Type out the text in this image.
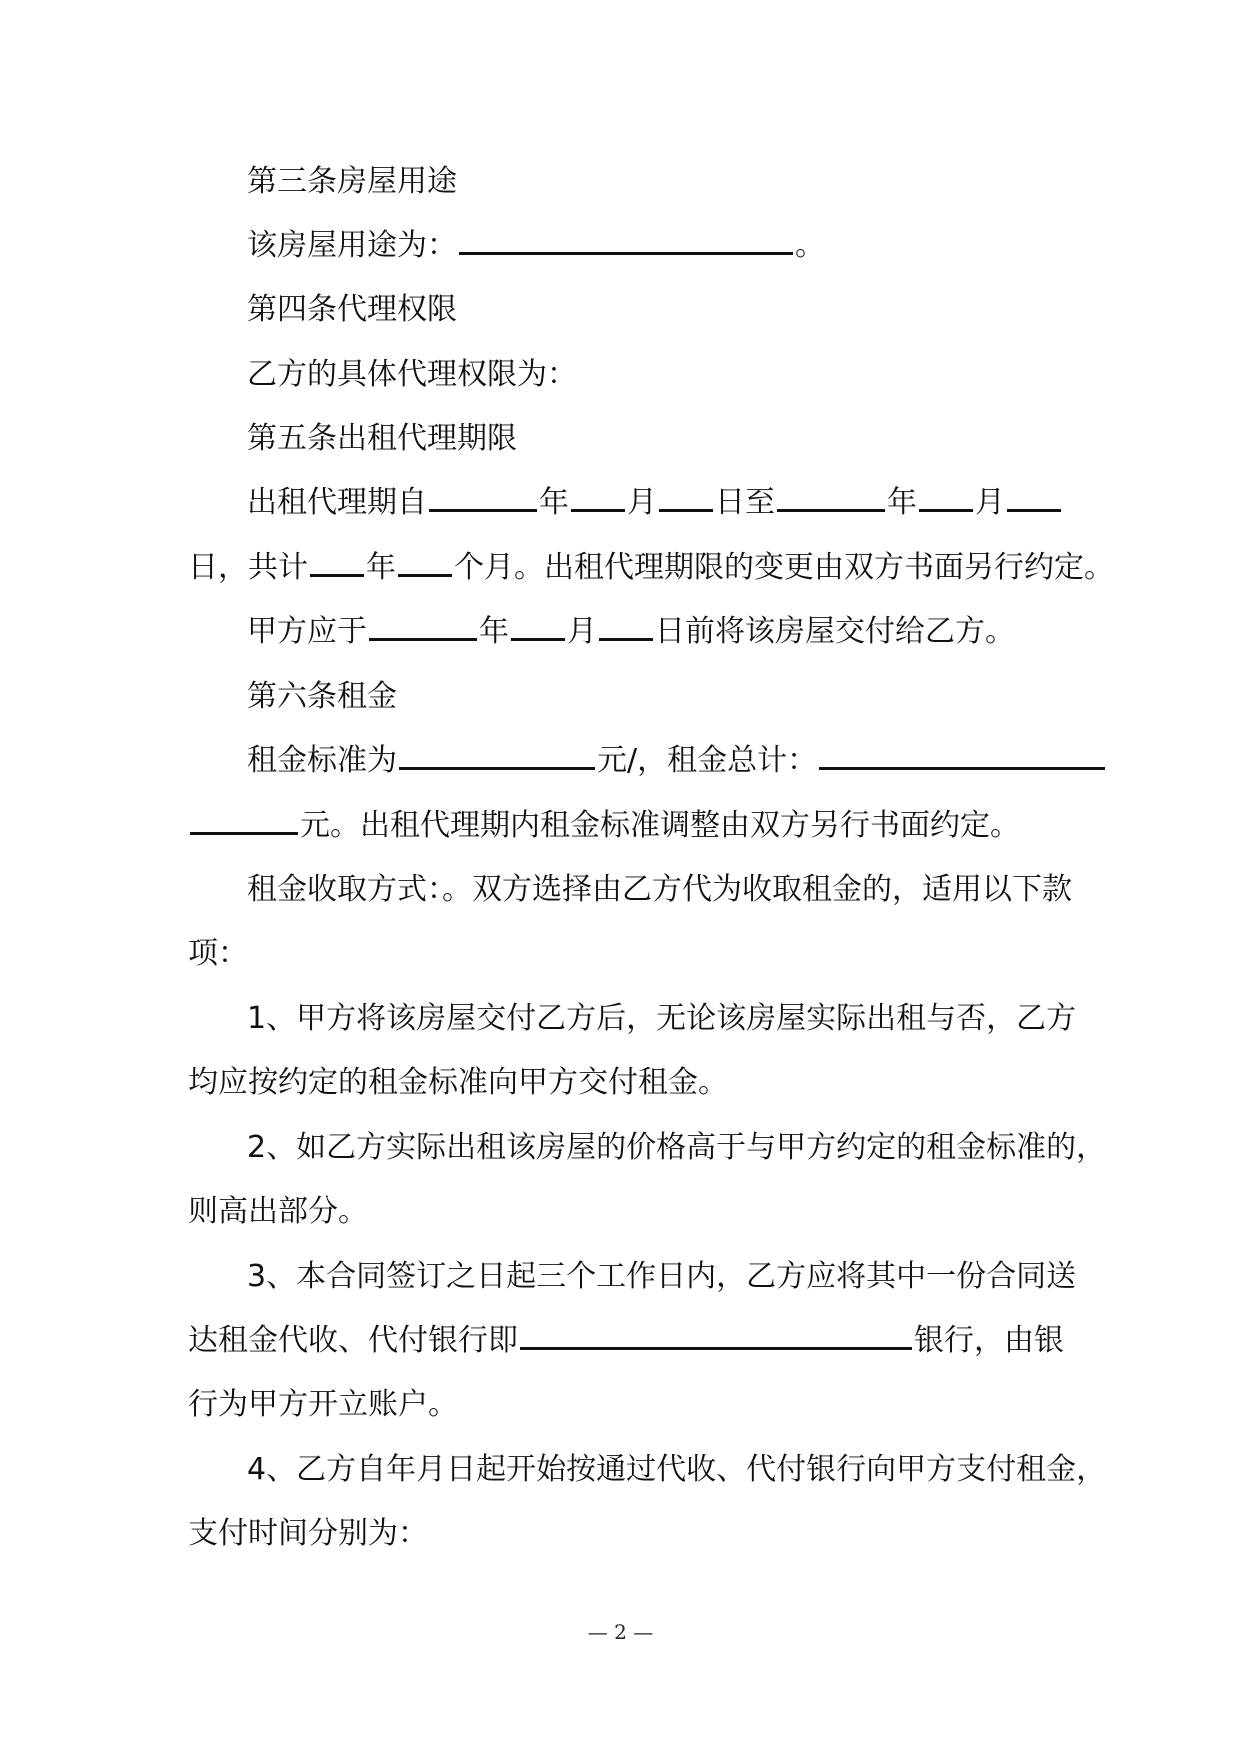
第三条房屋用途
该房屋用途为：	。
第四条代理权限
乙方的具体代理权限为：
第五条出租代理期限
出租代理期自	年 月 日至	年 月
日，共计 年 个月。出租代理期限的变更由双方书面另行约定。
甲方应于	年 月 日前将该房屋交付给乙方。
第六条租金
租金标准为	元/，租金总计：
元。出租代理期内租金标准调整由双方另行书面约定。
租金收取方式：。双方选择由乙方代为收取租金的，适用以下款
项：
1、甲方将该房屋交付乙方后，无论该房屋实际出租与否，乙方
均应按约定的租金标准向甲方交付租金。
2、如乙方实际出租该房屋的价格高于与甲方约定的租金标准的，
则高出部分。
3、本合同签订之日起三个工作日内，乙方应将其中一份合同送
达租金代收、代付银行即	银行，由银
行为甲方开立账户。
4、乙方自年月日起开始按通过代收、代付银行向甲方支付租金，
支付时间分别为：
— 2 —
